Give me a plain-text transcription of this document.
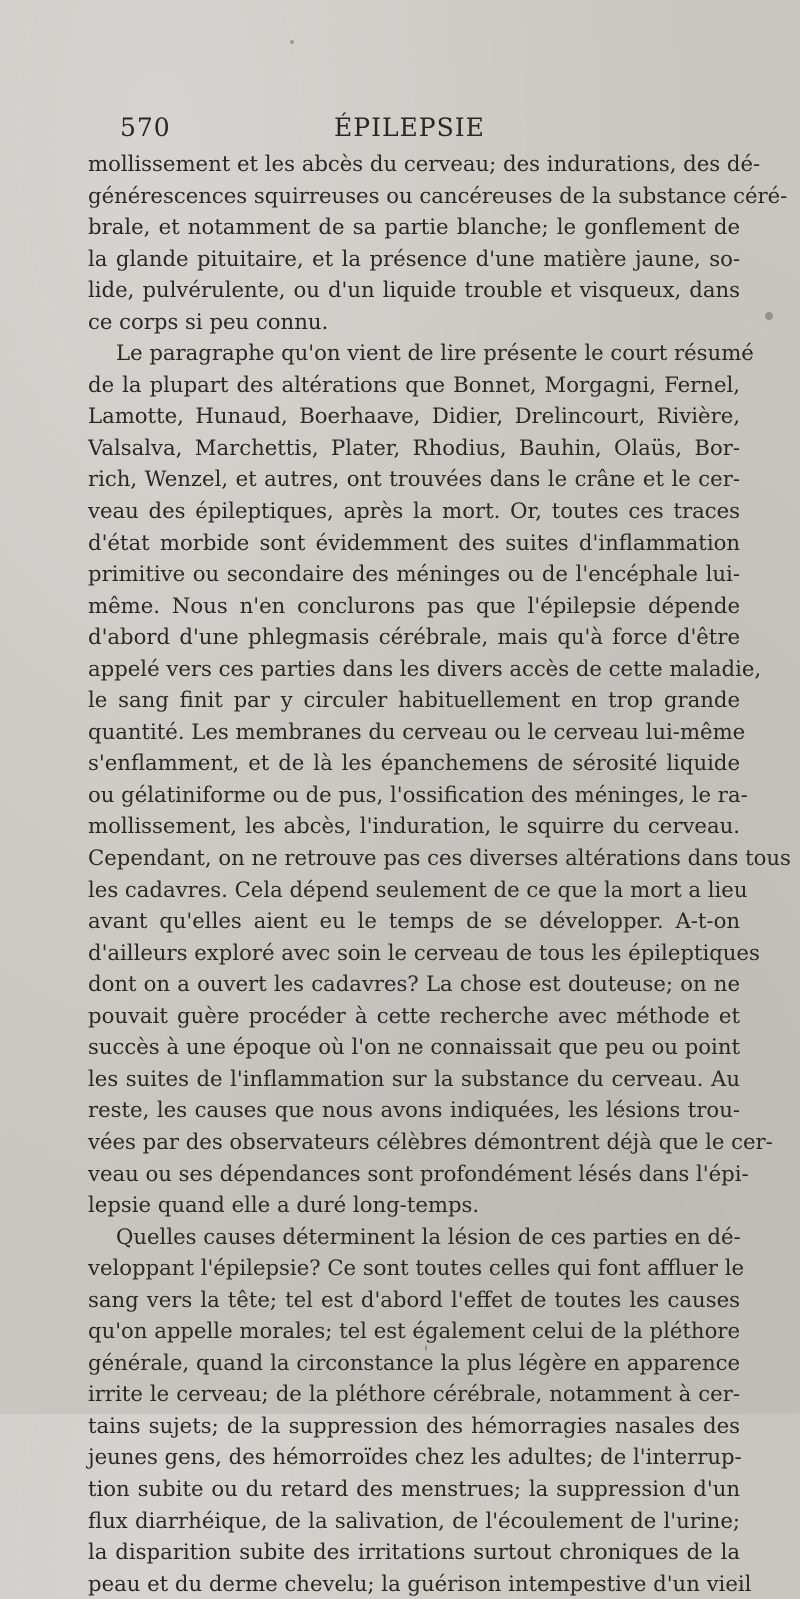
570	ÉPILEPSIE
mollissement et les abcès du cerveau; des indurations, des dé-
générescences squirreuses ou cancéreuses de la substance céré-
brale, et notamment de sa partie blanche; le gonflement de
la glande pituitaire, et la présence d'une matière jaune, so-
lide, pulvérulente, ou d'un liquide trouble et visqueux, dans
ce corps si peu connu.
Le paragraphe qu'on vient de lire présente le court résumé
de la plupart des altérations que Bonnet, Morgagni, Fernel,
Lamotte, Hunaud, Boerhaave, Didier, Drelincourt, Rivière,
Valsalva, Marchettis, Plater, Rhodius, Bauhin, Olaüs, Bor-
rich, Wenzel, et autres, ont trouvées dans le crâne et le cer-
veau des épileptiques, après la mort. Or, toutes ces traces
d'état morbide sont évidemment des suites d'inflammation
primitive ou secondaire des méninges ou de l'encéphale lui-
même. Nous n'en conclurons pas que l'épilepsie dépende
d'abord d'une phlegmasis cérébrale, mais qu'à force d'être
appelé vers ces parties dans les divers accès de cette maladie,
le sang finit par y circuler habituellement en trop grande
quantité. Les membranes du cerveau ou le cerveau lui-même
s'enflamment, et de là les épanchemens de sérosité liquide
ou gélatiniforme ou de pus, l'ossification des méninges, le ra-
mollissement, les abcès, l'induration, le squirre du cerveau.
Cependant, on ne retrouve pas ces diverses altérations dans tous
les cadavres. Cela dépend seulement de ce que la mort a lieu
avant qu'elles aient eu le temps de se développer. A-t-on
d'ailleurs exploré avec soin le cerveau de tous les épileptiques
dont on a ouvert les cadavres? La chose est douteuse; on ne
pouvait guère procéder à cette recherche avec méthode et
succès à une époque où l'on ne connaissait que peu ou point
les suites de l'inflammation sur la substance du cerveau. Au
reste, les causes que nous avons indiquées, les lésions trou-
vées par des observateurs célèbres démontrent déjà que le cer-
veau ou ses dépendances sont profondément lésés dans l'épi-
lepsie quand elle a duré long-temps.
Quelles causes déterminent la lésion de ces parties en dé-
veloppant l'épilepsie? Ce sont toutes celles qui font affluer le
sang vers la tête; tel est d'abord l'effet de toutes les causes
qu'on appelle morales; tel est également celui de la pléthore
générale, quand la circonstance la plus légère en apparence
irrite le cerveau; de la pléthore cérébrale, notamment à cer-
tains sujets; de la suppression des hémorragies nasales des
jeunes gens, des hémorroïdes chez les adultes; de l'interrup-
tion subite ou du retard des menstrues; la suppression d'un
flux diarrhéique, de la salivation, de l'écoulement de l'urine;
la disparition subite des irritations surtout chroniques de la
peau et du derme chevelu; la guérison intempestive d'un vieil
